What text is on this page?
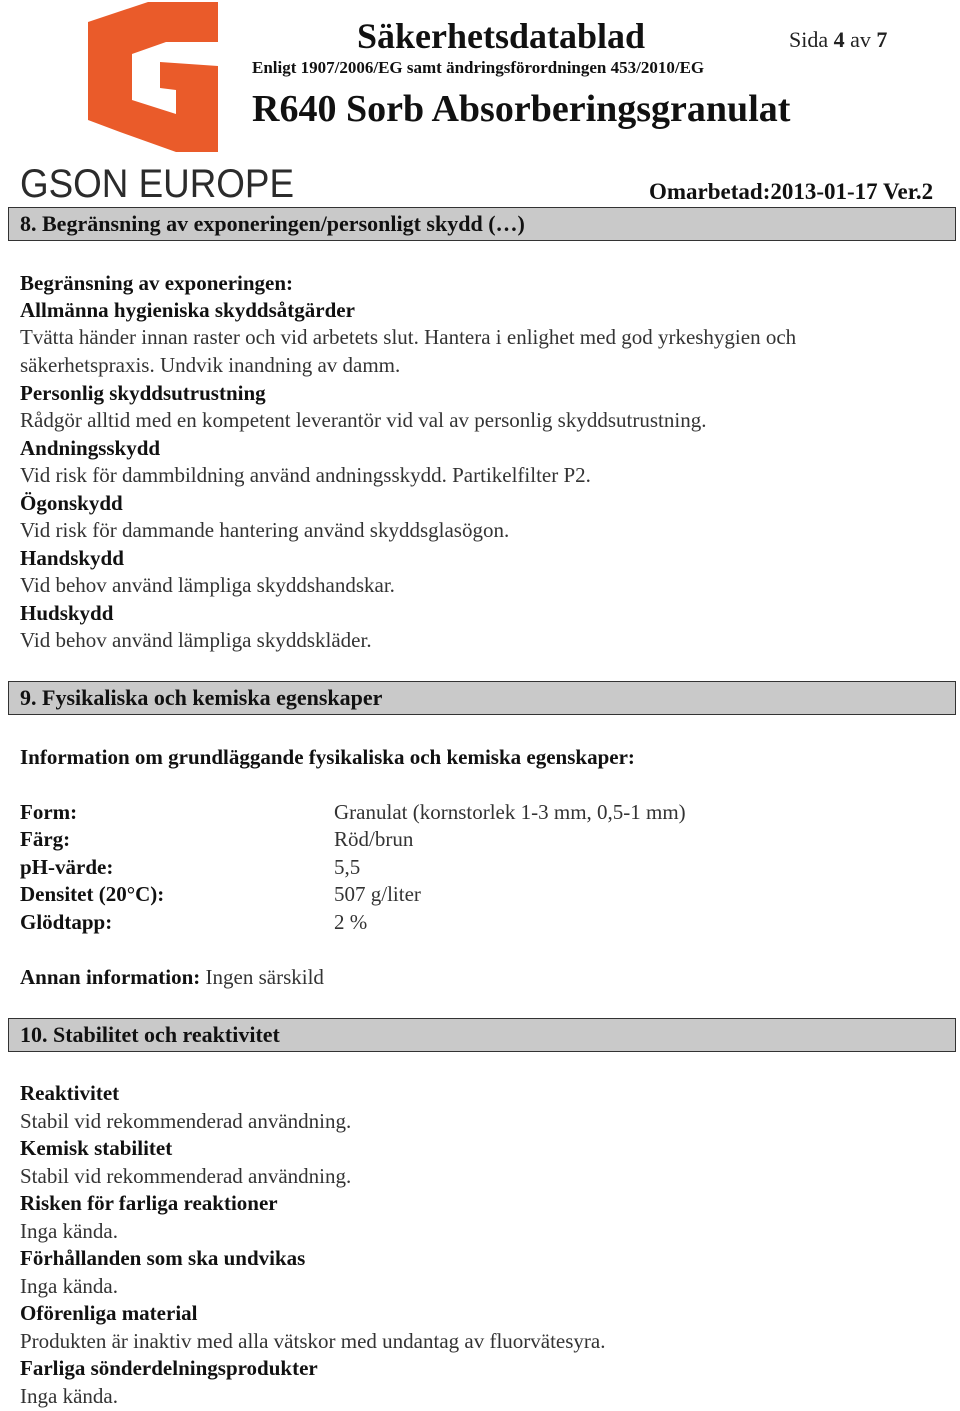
GSON EUROPE
Säkerhetsdatablad	Sida 4 av 7
Enligt 1907/2006/EG samt ändringsförordningen 453/2010/EG
R640 Sorb Absorberingsgranulat
Omarbetad:2013-01-17 Ver.2
8. Begränsning av exponeringen/personligt skydd (…)
Begränsning av exponeringen:
Allmänna hygieniska skyddsåtgärder
Tvätta händer innan raster och vid arbetets slut. Hantera i enlighet med god yrkeshygien och
säkerhetspraxis. Undvik inandning av damm.
Personlig skyddsutrustning
Rådgör alltid med en kompetent leverantör vid val av personlig skyddsutrustning.
Andningsskydd
Vid risk för dammbildning använd andningsskydd. Partikelfilter P2.
Ögonskydd
Vid risk för dammande hantering använd skyddsglasögon.
Handskydd
Vid behov använd lämpliga skyddshandskar.
Hudskydd
Vid behov använd lämpliga skyddskläder.
9. Fysikaliska och kemiska egenskaper
Information om grundläggande fysikaliska och kemiska egenskaper:
Form:	Granulat (kornstorlek 1-3 mm, 0,5-1 mm)
Färg:	Röd/brun
pH-värde:	5,5
Densitet (20°C):	507 g/liter
Glödtapp:	2 %
Annan information: Ingen särskild
10. Stabilitet och reaktivitet
Reaktivitet
Stabil vid rekommenderad användning.
Kemisk stabilitet
Stabil vid rekommenderad användning.
Risken för farliga reaktioner
Inga kända.
Förhållanden som ska undvikas
Inga kända.
Oförenliga material
Produkten är inaktiv med alla vätskor med undantag av fluorvätesyra.
Farliga sönderdelningsprodukter
Inga kända.
